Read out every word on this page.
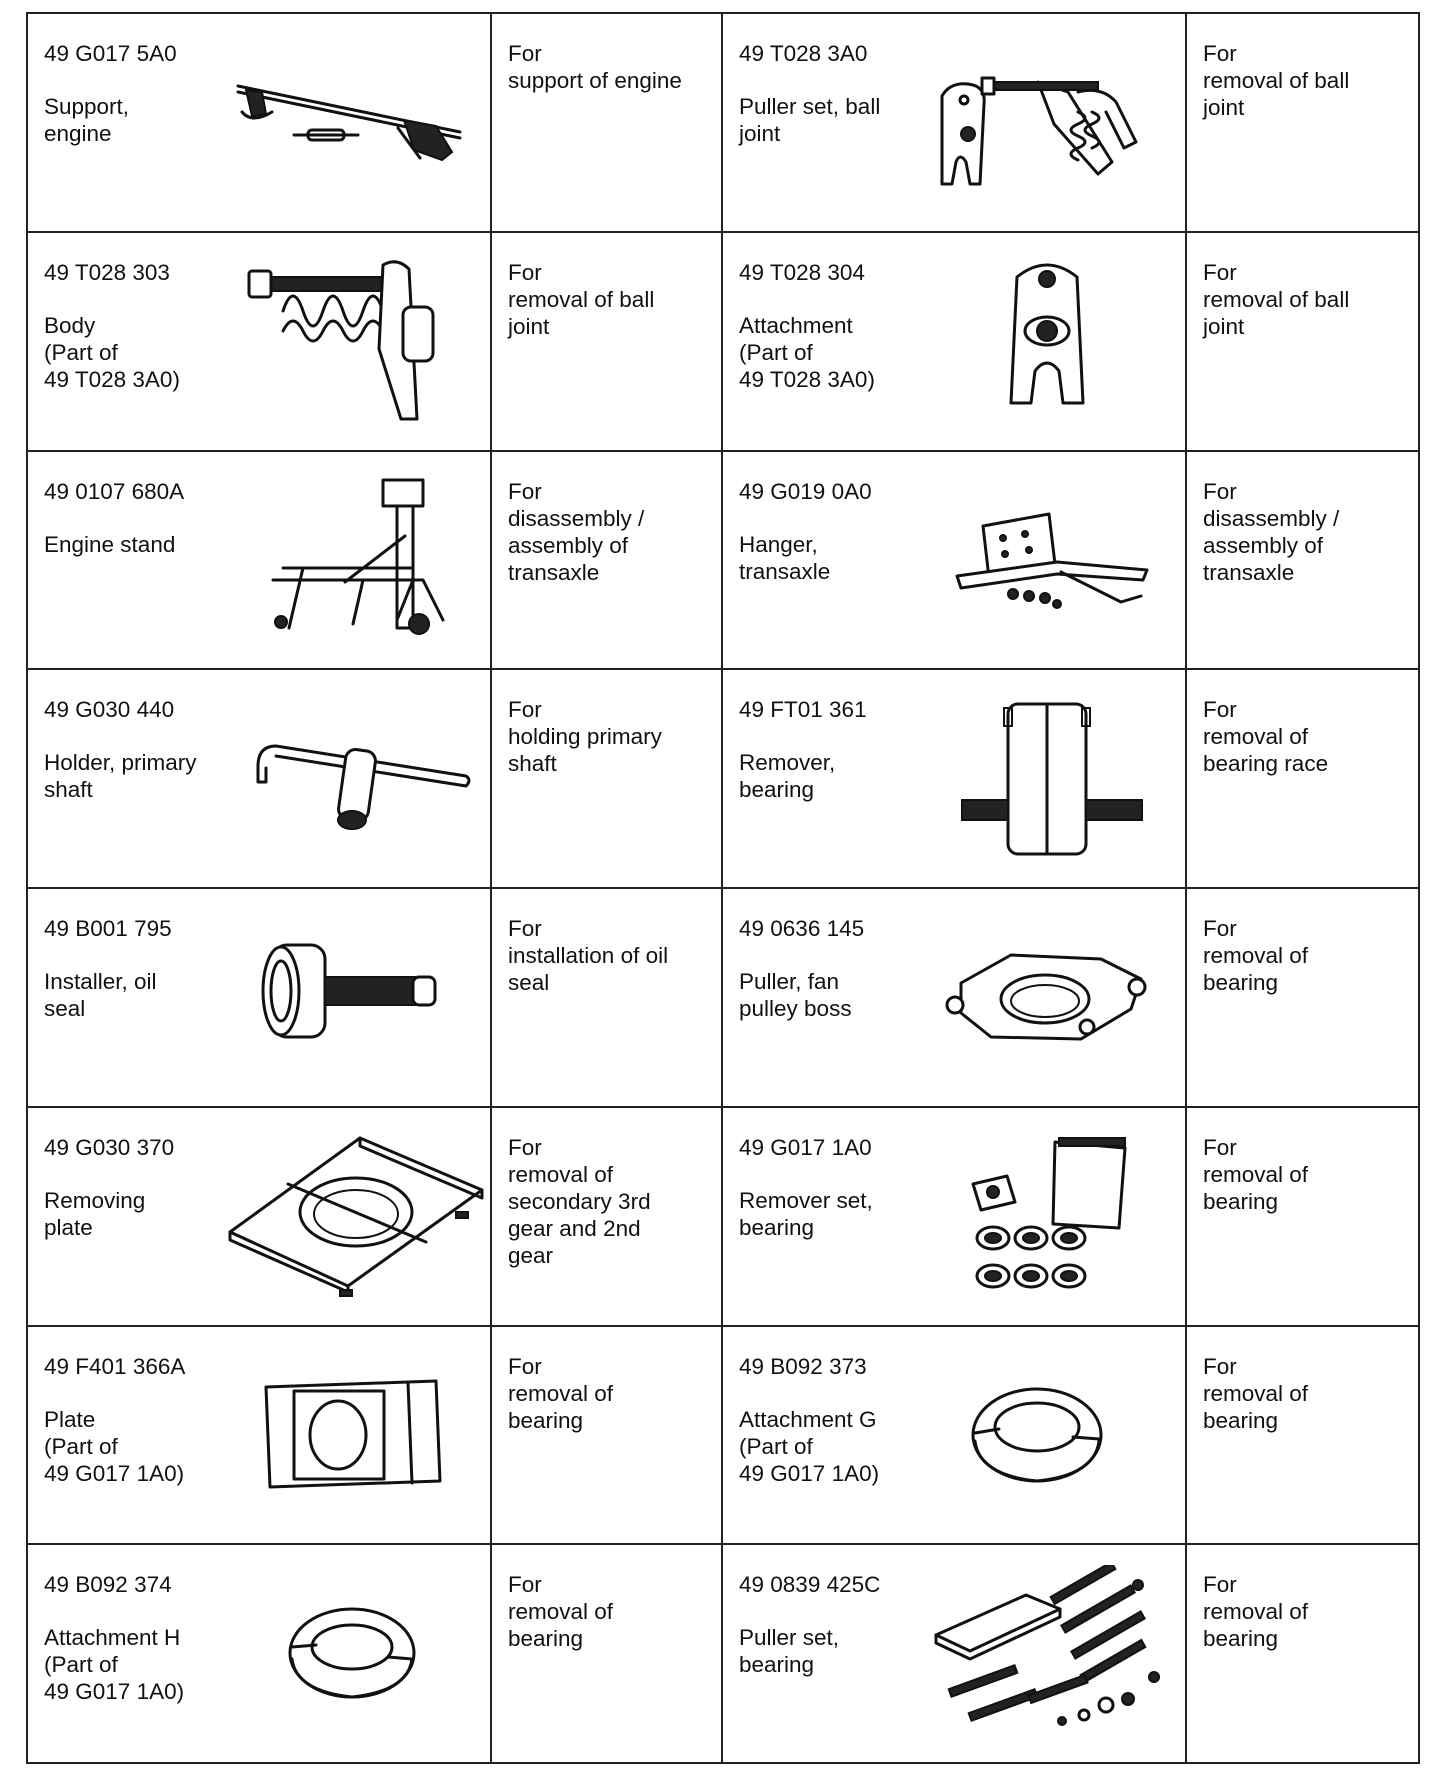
49 G017 5A0
Support,
engine	For
support of engine	49 T028 3A0
Puller set, ball
joint	For
removal of ball
joint

49 T028 303
Body
(Part of
49 T028 3A0)	For
removal of ball
joint	49 T028 304
Attachment
(Part of
49 T028 3A0)	For
removal of ball
joint

49 0107 680A
Engine stand	For
disassembly /
assembly of
transaxle	49 G019 0A0
Hanger,
transaxle	For
disassembly /
assembly of
transaxle

49 G030 440
Holder, primary
shaft	For
holding primary
shaft	49 FT01 361
Remover,
bearing	For
removal of
bearing race

49 B001 795
Installer, oil
seal	For
installation of oil
seal	49 0636 145
Puller, fan
pulley boss	For
removal of
bearing

49 G030 370
Removing
plate	For
removal of
secondary 3rd
gear and 2nd
gear	49 G017 1A0
Remover set,
bearing	For
removal of
bearing

49 F401 366A
Plate
(Part of
49 G017 1A0)	For
removal of
bearing	49 B092 373
Attachment G
(Part of
49 G017 1A0)	For
removal of
bearing

49 B092 374
Attachment H
(Part of
49 G017 1A0)	For
removal of
bearing	49 0839 425C
Puller set,
bearing	For
removal of
bearing
